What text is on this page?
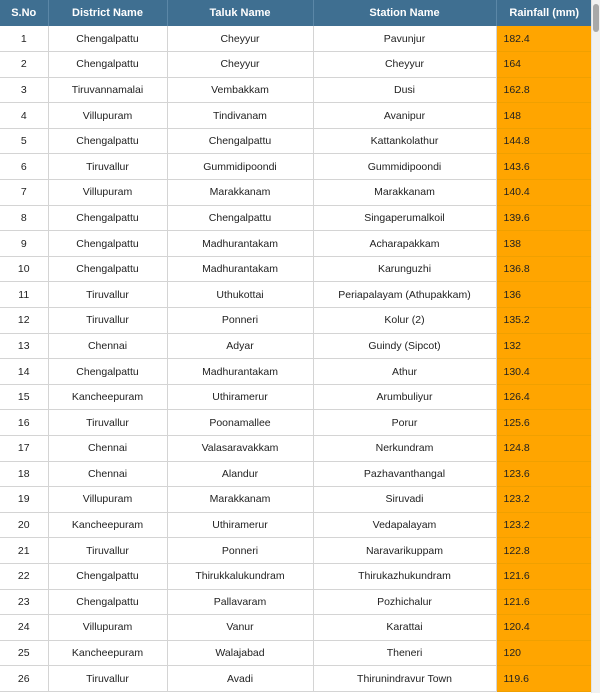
S.No	District Name	Taluk Name	Station Name	Rainfall (mm)
1	Chengalpattu	Cheyyur	Pavunjur	182.4
2	Chengalpattu	Cheyyur	Cheyyur	164
3	Tiruvannamalai	Vembakkam	Dusi	162.8
4	Villupuram	Tindivanam	Avanipur	148
5	Chengalpattu	Chengalpattu	Kattankolathur	144.8
6	Tiruvallur	Gummidipoondi	Gummidipoondi	143.6
7	Villupuram	Marakkanam	Marakkanam	140.4
8	Chengalpattu	Chengalpattu	Singaperumalkoil	139.6
9	Chengalpattu	Madhurantakam	Acharapakkam	138
10	Chengalpattu	Madhurantakam	Karunguzhi	136.8
11	Tiruvallur	Uthukottai	Periapalayam (Athupakkam)	136
12	Tiruvallur	Ponneri	Kolur (2)	135.2
13	Chennai	Adyar	Guindy (Sipcot)	132
14	Chengalpattu	Madhurantakam	Athur	130.4
15	Kancheepuram	Uthiramerur	Arumbuliyur	126.4
16	Tiruvallur	Poonamallee	Porur	125.6
17	Chennai	Valasaravakkam	Nerkundram	124.8
18	Chennai	Alandur	Pazhavanthangal	123.6
19	Villupuram	Marakkanam	Siruvadi	123.2
20	Kancheepuram	Uthiramerur	Vedapalayam	123.2
21	Tiruvallur	Ponneri	Naravarikuppam	122.8
22	Chengalpattu	Thirukkalukundram	Thirukazhukundram	121.6
23	Chengalpattu	Pallavaram	Pozhichalur	121.6
24	Villupuram	Vanur	Karattai	120.4
25	Kancheepuram	Walajabad	Theneri	120
26	Tiruvallur	Avadi	Thirunindravur Town	119.6
